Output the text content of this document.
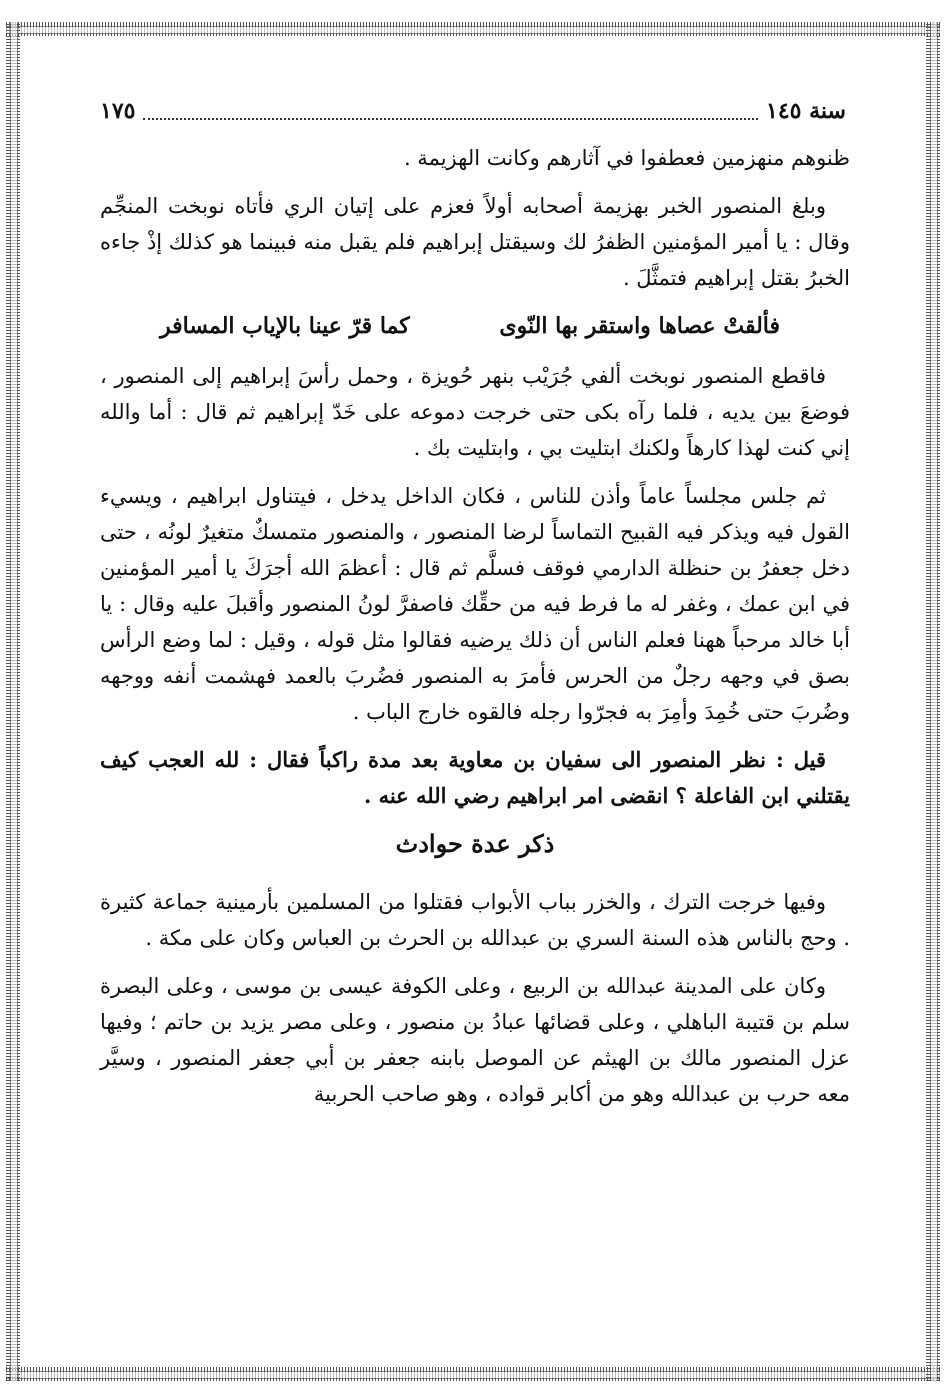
سنة ١٤٥
١٧٥

ظنوهم منهزمين فعطفوا في آثارهم وكانت الهزيمة .

وبلغ المنصور الخبر بهزيمة أصحابه أولاً فعزم على إتيان الري فأتاه نوبخت المنجِّم وقال : يا أمير المؤمنين الظفرُ لك وسيقتل إبراهيم فلم يقبل منه فبينما هو كذلك إذْ جاءه الخبرُ بقتل إبراهيم فتمثَّلَ .

فألقتْ عصاها واستقر بها النّوى
كما قرّ عينا بالإياب المسافر

فاقطع المنصور نوبخت ألفي جُرَيْب بنهر حُويزة ، وحمل رأسَ إبراهيم إلى المنصور ، فوضعَ بين يديه ، فلما رآه بكى حتى خرجت دموعه على خَدّ إبراهيم ثم قال : أما والله إني كنت لهذا كارهاً ولكنك ابتليت بي ، وابتليت بك .

ثم جلس مجلساً عاماً وأذن للناس ، فكان الداخل يدخل ، فيتناول ابراهيم ، ويسيء القول فيه ويذكر فيه القبيح التماساً لرضا المنصور ، والمنصور متمسكٌ متغيرٌ لونُه ، حتى دخل جعفرُ بن حنظلة الدارمي فوقف فسلَّم ثم قال : أعظمَ الله أجرَكَ يا أمير المؤمنين في ابن عمك ، وغفر له ما فرط فيه من حقِّك فاصفرَّ لونُ المنصور وأقبلَ عليه وقال : يا أبا خالد مرحباً ههنا فعلم الناس أن ذلك يرضيه فقالوا مثل قوله ، وقيل : لما وضع الرأس بصق في وجهه رجلٌ من الحرس فأمرَ به المنصور فضُربَ بالعمد فهشمت أنفه ووجهه وضُربَ حتى خُمِدَ وأمِرَ به فجرّوا رجله فالقوه خارج الباب .

قيل : نظر المنصور الى سفيان بن معاوية بعد مدة راكباً فقال : لله العجب كيف يقتلني ابن الفاعلة ؟ انقضى امر ابراهيم رضي الله عنه .

ذكر عدة حوادث

وفيها خرجت الترك ، والخزر بباب الأبواب فقتلوا من المسلمين بأرمينية جماعة كثيرة . وحج بالناس هذه السنة السري بن عبدالله بن الحرث بن العباس وكان على مكة .

وكان على المدينة عبدالله بن الربيع ، وعلى الكوفة عيسى بن موسى ، وعلى البصرة سلم بن قتيبة الباهلي ، وعلى قضائها عبادُ بن منصور ، وعلى مصر يزيد بن حاتم ؛ وفيها عزل المنصور مالك بن الهيثم عن الموصل بابنه جعفر بن أبي جعفر المنصور ، وسيَّر معه حرب بن عبدالله وهو من أكابر قواده ، وهو صاحب الحربية
